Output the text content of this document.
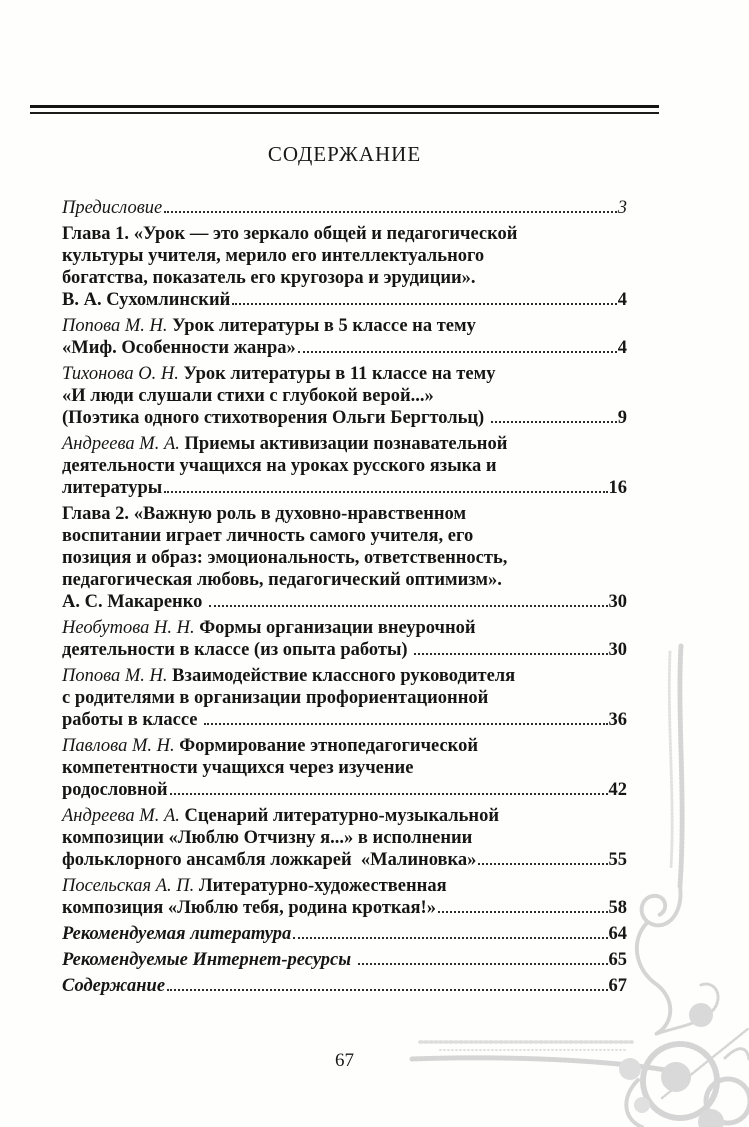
СОДЕРЖАНИЕ
Предисловие	3
Глава 1. «Урок — это зеркало общей и педагогической
культуры учителя, мерило его интеллектуального
богатства, показатель его кругозора и эрудиции».
В. А. Сухомлинский	4
Попова М. Н. Урок литературы в 5 классе на тему
«Миф. Особенности жанра»	4
Тихонова О. Н. Урок литературы в 11 классе на тему
«И люди слушали стихи с глубокой верой...»
(Поэтика одного стихотворения Ольги Бергтольц)	9
Андреева М. А. Приемы активизации познавательной
деятельности учащихся на уроках русского языка и
литературы	16
Глава 2. «Важную роль в духовно-нравственном
воспитании играет личность самого учителя, его
позиция и образ: эмоциональность, ответственность,
педагогическая любовь, педагогический оптимизм».
А. С. Макаренко	30
Необутова Н. Н. Формы организации внеурочной
деятельности в классе (из опыта работы)	30
Попова М. Н. Взаимодействие классного руководителя
с родителями в организации профориентационной
работы в классе	36
Павлова М. Н. Формирование этнопедагогической
компетентности учащихся через изучение
родословной	42
Андреева М. А. Сценарий литературно-музыкальной
композиции «Люблю Отчизну я...» в исполнении
фольклорного ансамбля ложкарей  «Малиновка»	55
Посельская А. П. Литературно-художественная
композиция «Люблю тебя, родина кроткая!»	58
Рекомендуемая литература	64
Рекомендуемые Интернет-ресурсы	65
Содержание	67
67
